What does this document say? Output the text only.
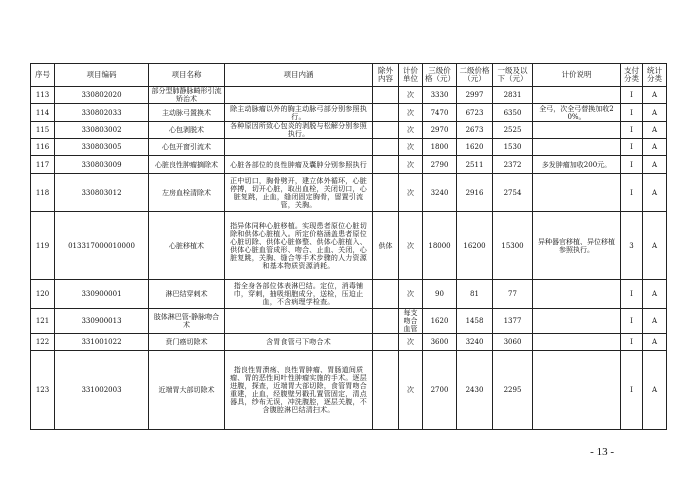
序号	项目编码	项目名称	项目内涵	除外内容	计价单位	三级价格（元）	二级价格（元）	一级及以下（元）	计价说明	支付分类	统计分类
113	330802020	部分型肺静脉畸形引流矫治术			次	3330	2997	2831		Ⅰ	A
114	330802033	主动脉弓置换术	除主动脉瘤以外的胸主动脉弓部分别参照执行。		次	7470	6723	6350	全弓，次全弓替换加收20%。	Ⅰ	A
115	330803002	心包剥脱术	各种原因所致心包炎的剥脱与松解分别参照执行。		次	2970	2673	2525		Ⅰ	A
116	330803005	心包开窗引流术			次	1800	1620	1530		Ⅰ	A
117	330803009	心脏良性肿瘤摘除术	心脏各部位的良性肿瘤及囊肿分别参照执行		次	2790	2511	2372	多发肿瘤加收200元。	Ⅰ	A
118	330803012	左房血栓清除术	正中切口，胸骨劈开，建立体外循环，心脏停搏，切开心脏，取出血栓，关闭切口，心脏复跳，止血，缝闭固定胸骨，留置引流管，关胸。		次	3240	2916	2754		Ⅰ	A
119	013317000010000	心脏移植术	指异体同种心脏移植。实现患者原位心脏切除和供体心脏植入。所定价格涵盖患者原位心脏切除、供体心脏修整、供体心脏植入、供体心脏血管成形、吻合、止血、关闭，心脏复跳，关胸、缝合等手术步骤的人力资源和基本物质资源消耗。	供体	次	18000	16200	15300	异种器官移植、异位移植参照执行。	3	A
120	330900001	淋巴结穿刺术	指全身各部位体表淋巴结。定位，消毒铺巾，穿刺，抽吸细胞成分，送检，压迫止血，不含病理学检查。		次	90	81	77		Ⅰ	A
121	330900013	肢体淋巴管-静脉吻合术			每支吻合血管	1620	1458	1377		Ⅰ	A
122	331001022	贲门癌切除术	含胃食管弓下吻合术		次	3600	3240	3060		Ⅰ	A
123	331002003	近端胃大部切除术	指良性胃溃疡、良性胃肿瘤、胃肠道间质瘤、胃的恶性间叶性肿瘤实施的手术。逐层进腹，探查，近端胃大部切除，食管胃吻合重建，止血，经腹壁另戳孔置管固定，清点器具，纱布无误，冲洗腹腔，逐层关腹，不含腹腔淋巴结清扫术。		次	2700	2430	2295		Ⅰ	A
- 13 -
